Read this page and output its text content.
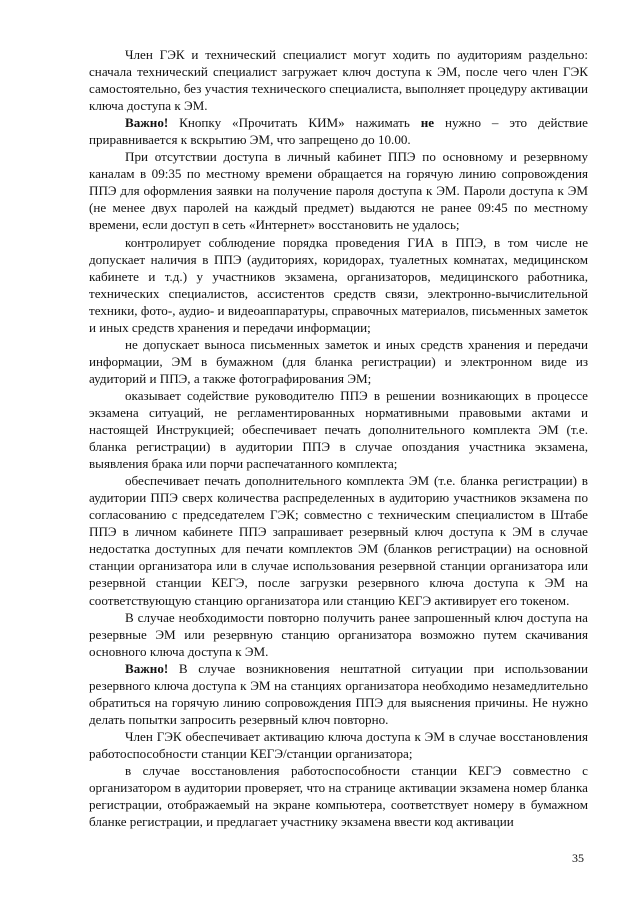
Член ГЭК и технический специалист могут ходить по аудиториям раздельно: сначала технический специалист загружает ключ доступа к ЭМ, после чего член ГЭК самостоятельно, без участия технического специалиста, выполняет процедуру активации ключа доступа к ЭМ.

Важно! Кнопку «Прочитать КИМ» нажимать не нужно – это действие приравнивается к вскрытию ЭМ, что запрещено до 10.00.

При отсутствии доступа в личный кабинет ППЭ по основному и резервному каналам в 09:35 по местному времени обращается на горячую линию сопровождения ППЭ для оформления заявки на получение пароля доступа к ЭМ. Пароли доступа к ЭМ (не менее двух паролей на каждый предмет) выдаются не ранее 09:45 по местному времени, если доступ в сеть «Интернет» восстановить не удалось;

контролирует соблюдение порядка проведения ГИА в ППЭ, в том числе не допускает наличия в ППЭ (аудиториях, коридорах, туалетных комнатах, медицинском кабинете и т.д.) у участников экзамена, организаторов, медицинского работника, технических специалистов, ассистентов средств связи, электронно-вычислительной техники, фото-, аудио- и видеоаппаратуры, справочных материалов, письменных заметок и иных средств хранения и передачи информации;

не допускает выноса письменных заметок и иных средств хранения и передачи информации, ЭМ в бумажном (для бланка регистрации) и электронном виде из аудиторий и ППЭ, а также фотографирования ЭМ;

оказывает содействие руководителю ППЭ в решении возникающих в процессе экзамена ситуаций, не регламентированных нормативными правовыми актами и настоящей Инструкцией; обеспечивает печать дополнительного комплекта ЭМ (т.е. бланка регистрации) в аудитории ППЭ в случае опоздания участника экзамена, выявления брака или порчи распечатанного комплекта;

обеспечивает печать дополнительного комплекта ЭМ (т.е. бланка регистрации) в аудитории ППЭ сверх количества распределенных в аудиторию участников экзамена по согласованию с председателем ГЭК; совместно с техническим специалистом в Штабе ППЭ в личном кабинете ППЭ запрашивает резервный ключ доступа к ЭМ в случае недостатка доступных для печати комплектов ЭМ (бланков регистрации) на основной станции организатора или в случае использования резервной станции организатора или резервной станции КЕГЭ, после загрузки резервного ключа доступа к ЭМ на соответствующую станцию организатора или станцию КЕГЭ активирует его токеном.

В случае необходимости повторно получить ранее запрошенный ключ доступа на резервные ЭМ или резервную станцию организатора возможно путем скачивания основного ключа доступа к ЭМ.

Важно! В случае возникновения нештатной ситуации при использовании резервного ключа доступа к ЭМ на станциях организатора необходимо незамедлительно обратиться на горячую линию сопровождения ППЭ для выяснения причины. Не нужно делать попытки запросить резервный ключ повторно.

Член ГЭК обеспечивает активацию ключа доступа к ЭМ в случае восстановления работоспособности станции КЕГЭ/станции организатора;

в случае восстановления работоспособности станции КЕГЭ совместно с организатором в аудитории проверяет, что на странице активации экзамена номер бланка регистрации, отображаемый на экране компьютера, соответствует номеру в бумажном бланке регистрации, и предлагает участнику экзамена ввести код активации

35
